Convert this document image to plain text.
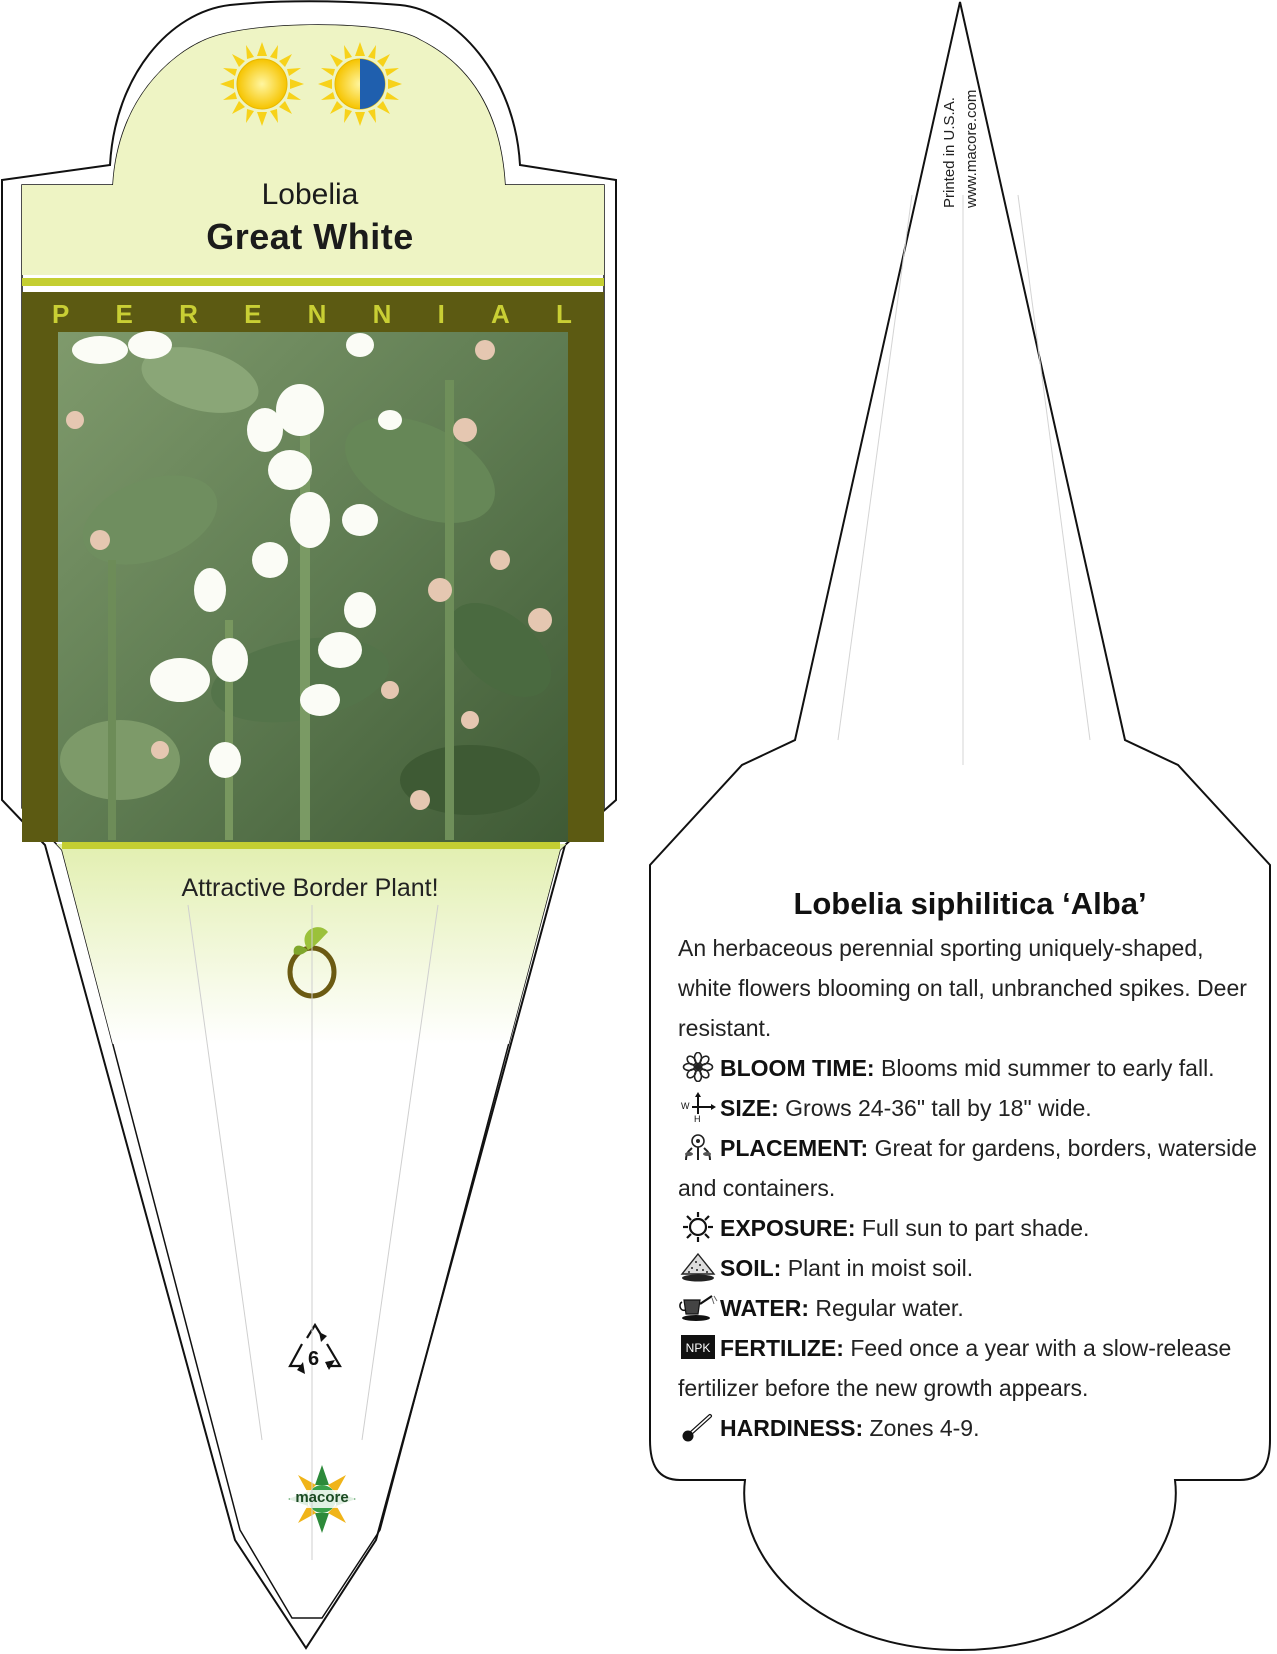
Lobelia
Great White
P E R E N N I A L
Attractive Border Plant!
6
macore
Printed in U.S.A. www.macore.com
Lobelia siphilitica ‘Alba’

An herbaceous perennial sporting uniquely-shaped, white flowers blooming on tall, unbranched spikes. Deer resistant.

BLOOM TIME: Blooms mid summer to early fall.
W
H SIZE: Grows 24-36" tall by 18" wide.
PLACEMENT: Great for gardens, borders, waterside and containers.
EXPOSURE: Full sun to part shade.
SOIL: Plant in moist soil.
WATER: Regular water.
NPK FERTILIZE: Feed once a year with a slow-release fertilizer before the new growth appears.
HARDINESS: Zones 4-9.
